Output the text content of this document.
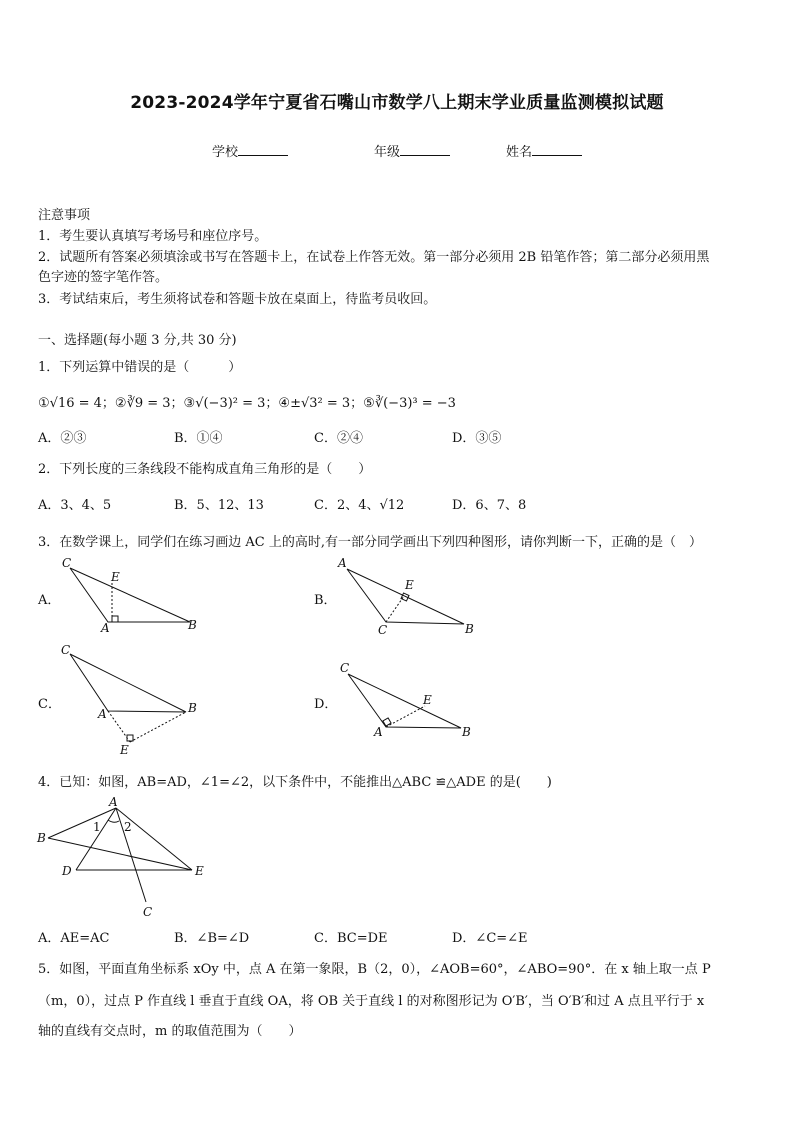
2023-2024学年宁夏省石嘴山市数学八上期末学业质量监测模拟试题
学校	年级	姓名
注意事项
1．考生要认真填写考场号和座位序号。
2．试题所有答案必须填涂或书写在答题卡上，在试卷上作答无效。第一部分必须用 2B 铅笔作答；第二部分必须用黑
色字迹的签字笔作答。
3．考试结束后，考生须将试卷和答题卡放在桌面上，待监考员收回。
一、选择题(每小题 3 分,共 30 分)
1．下列运算中错误的是（　　　）
①√16 = 4；②∛9 = 3；③√(−3)² = 3；④±√3² = 3；⑤∛(−3)³ = −3
A．②③	B．①④	C．②④	D．③⑤
2．下列长度的三条线段不能构成直角三角形的是（　　）
A．3、4、5	B．5、12、13	C．2、4、√12	D．6、7、8
3．在数学课上，同学们在练习画边 AC 上的高时,有一部分同学画出下列四种图形，请你判断一下，正确的是（　）
A．	B．
C．	D．
C
E
A	B
A
E
C	B
C
A	B
E
C
E
A	B
A
B
D	E
C
1 2
4．已知：如图，AB=AD，∠1=∠2，以下条件中，不能推出△ABC ≌△ADE 的是(　　)
A．AE=AC	B．∠B=∠D	C．BC=DE	D．∠C=∠E
5．如图，平面直角坐标系 xOy 中，点 A 在第一象限，B（2，0），∠AOB=60°，∠ABO=90°．在 x 轴上取一点 P
（m，0），过点 P 作直线 l 垂直于直线 OA，将 OB 关于直线 l 的对称图形记为 O′B′，当 O′B′和过 A 点且平行于 x
轴的直线有交点时，m 的取值范围为（　　）
